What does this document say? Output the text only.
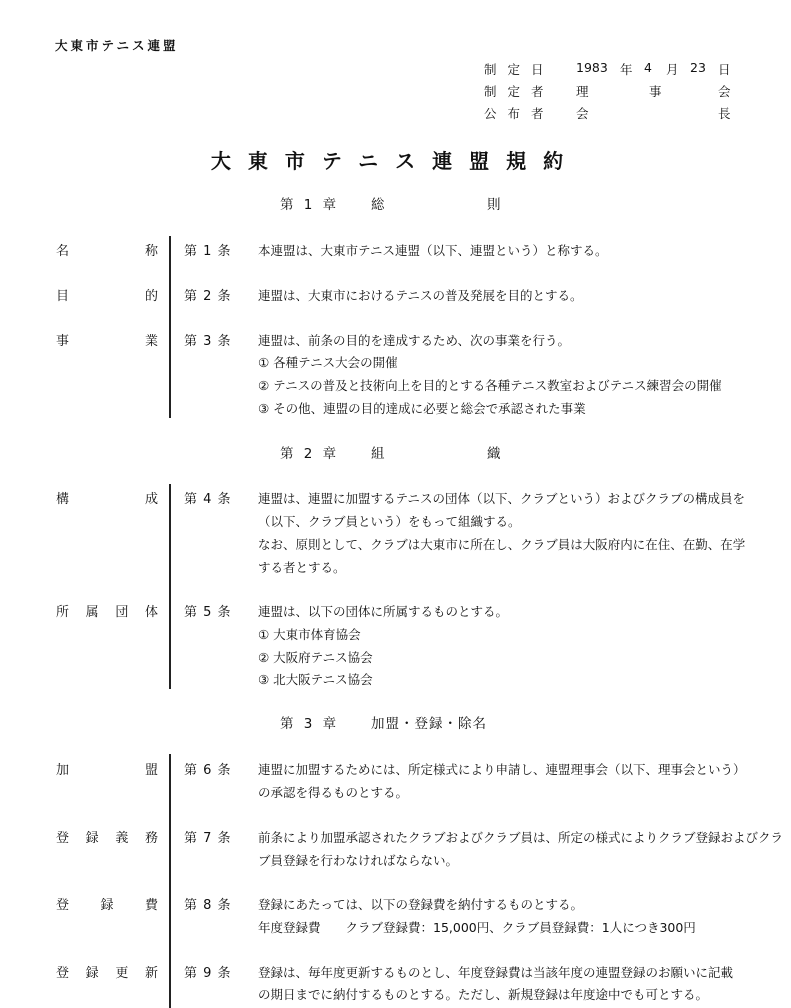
大東市テニス連盟
制定日 1983 年 4 月 23 日
制定者 理	事	会
公布者 会	長
大東市テニス連盟規約
第 1 章 総	則
第 2 章 組	織
第 3 章 加盟・登録・除名
名	称 第 1 条 本連盟は、大東市テニス連盟（以下、連盟という）と称する。
目	的 第 2 条 連盟は、大東市におけるテニスの普及発展を目的とする。
事	業 第 3 条 連盟は、前条の目的を達成するため、次の事業を行う。
① 各種テニス大会の開催
② テニスの普及と技術向上を目的とする各種テニス教室およびテニス練習会の開催
③ その他、連盟の目的達成に必要と総会で承認された事業
構	成 第 4 条 連盟は、連盟に加盟するテニスの団体（以下、クラブという）およびクラブの構成員を
（以下、クラブ員という）をもって組織する。
なお、原則として、クラブは大東市に所在し、クラブ員は大阪府内に在住、在勤、在学
する者とする。
所 属 団 体 第 5 条 連盟は、以下の団体に所属するものとする。
① 大東市体育協会
② 大阪府テニス協会
③ 北大阪テニス協会
加	盟 第 6 条 連盟に加盟するためには、所定様式により申請し、連盟理事会（以下、理事会という）
の承認を得るものとする。
登 録 義 務 第 7 条 前条により加盟承認されたクラブおよびクラブ員は、所定の様式によりクラブ登録およびクラ
ブ員登録を行わなければならない。
登 録 費 第 8 条 登録にあたっては、以下の登録費を納付するものとする。
年度登録費　　クラブ登録費：15,000円、クラブ員登録費：1人につき300円
登 録 更 新 第 9 条 登録は、毎年度更新するものとし、年度登録費は当該年度の連盟登録のお願いに記載
の期日までに納付するものとする。ただし、新規登録は年度途中でも可とする。
